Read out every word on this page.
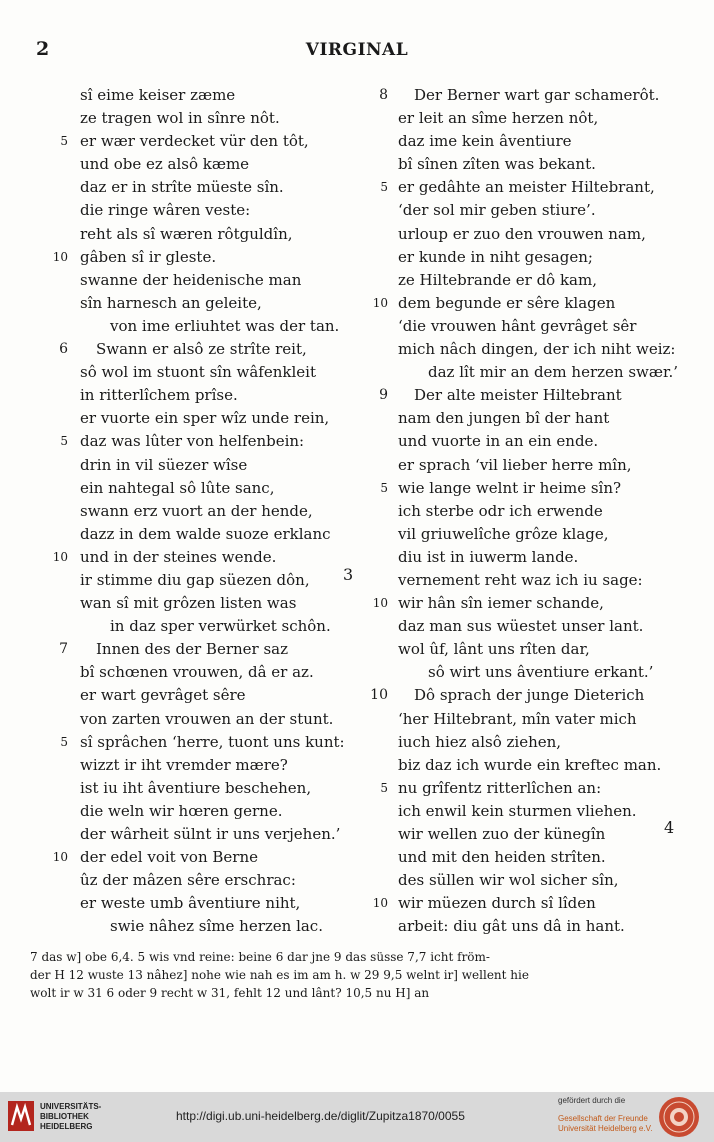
2	VIRGINAL
sî eime keiser zæme
ze tragen wol in sînre nôt.
5 er wær verdecket vür den tôt,
und obe ez alsô kæme
daz er in strîte müeste sîn.
die ringe wâren veste:
reht als sî wæren rôtguldîn,
10 gâben sî ir gleste.
swanne der heidenische man
sîn harnesch an geleite,
von ime erliuhtet was der tan.
6 Swann er alsô ze strîte reit,
sô wol im stuont sîn wâfenkleit
in ritterlîchem prîse.
er vuorte ein sper wîz unde rein,
5 daz was lûter von helfenbein:
drin in vil süezer wîse
ein nahtegal sô lûte sanc,
swann erz vuort an der hende,
dazz in dem walde suoze erklanc
10 und in der steines wende.
ir stimme diu gap süezen dôn,
wan sî mit grôzen listen was
in daz sper verwürket schôn.
7 Innen des der Berner saz
bî schœnen vrouwen, dâ er az.
er wart gevrâget sêre
von zarten vrouwen an der stunt.
5 sî sprâchen ‘herre, tuont uns kunt:
wizzt ir iht vremder mære?
ist iu iht âventiure beschehen,
die weln wir hœren gerne.
der wârheit sülnt ir uns verjehen.’
10 der edel voit von Berne
ûz der mâzen sêre erschrac:
er weste umb âventiure niht,
swie nâhez sîme herzen lac.
8 Der Berner wart gar schamerôt.
er leit an sîme herzen nôt,
daz ime kein âventiure
bî sînen zîten was bekant.
5 er gedâhte an meister Hiltebrant,
‘der sol mir geben stiure’.
urloup er zuo den vrouwen nam,
er kunde in niht gesagen;
ze Hiltebrande er dô kam,
10 dem begunde er sêre klagen
‘die vrouwen hânt gevrâget sêr
mich nâch dingen, der ich niht weiz:
daz lît mir an dem herzen swær.’
9 Der alte meister Hiltebrant
nam den jungen bî der hant
und vuorte in an ein ende.
er sprach ‘vil lieber herre mîn,
5 wie lange welnt ir heime sîn?
ich sterbe odr ich erwende
vil griuwelîche grôze klage,
diu ist in iuwerm lande.
vernement reht waz ich iu sage:
10 wir hân sîn iemer schande,
daz man sus wüestet unser lant.
wol ûf, lânt uns rîten dar,
sô wirt uns âventiure erkant.’
10 Dô sprach der junge Dieterich
‘her Hiltebrant, mîn vater mich
iuch hiez alsô ziehen,
biz daz ich wurde ein kreftec man.
5 nu grîfentz ritterlîchen an:
ich enwil kein sturmen vliehen.
wir wellen zuo der künegîn
und mit den heiden strîten.
des süllen wir wol sicher sîn,
10 wir müezen durch sî lîden
arbeit: diu gât uns dâ in hant.
3
4
7 das w] obe 6,4. 5 wis vnd reine: beine 6 dar jne 9 das süsse 7,7 icht fröm-
der H 12 wuste 13 nâhez] nohe wie nah es im am h. w 29 9,5 welnt ir] wellent hie
wolt ir w 31 6 oder 9 recht w 31, fehlt 12 und lânt? 10,5 nu H] an
UNIVERSITÄTS-
BIBLIOTHEK
HEIDELBERG
http://digi.ub.uni-heidelberg.de/diglit/Zupitza1870/0055
gefördert durch die
Gesellschaft der Freunde
Universität Heidelberg e.V.
